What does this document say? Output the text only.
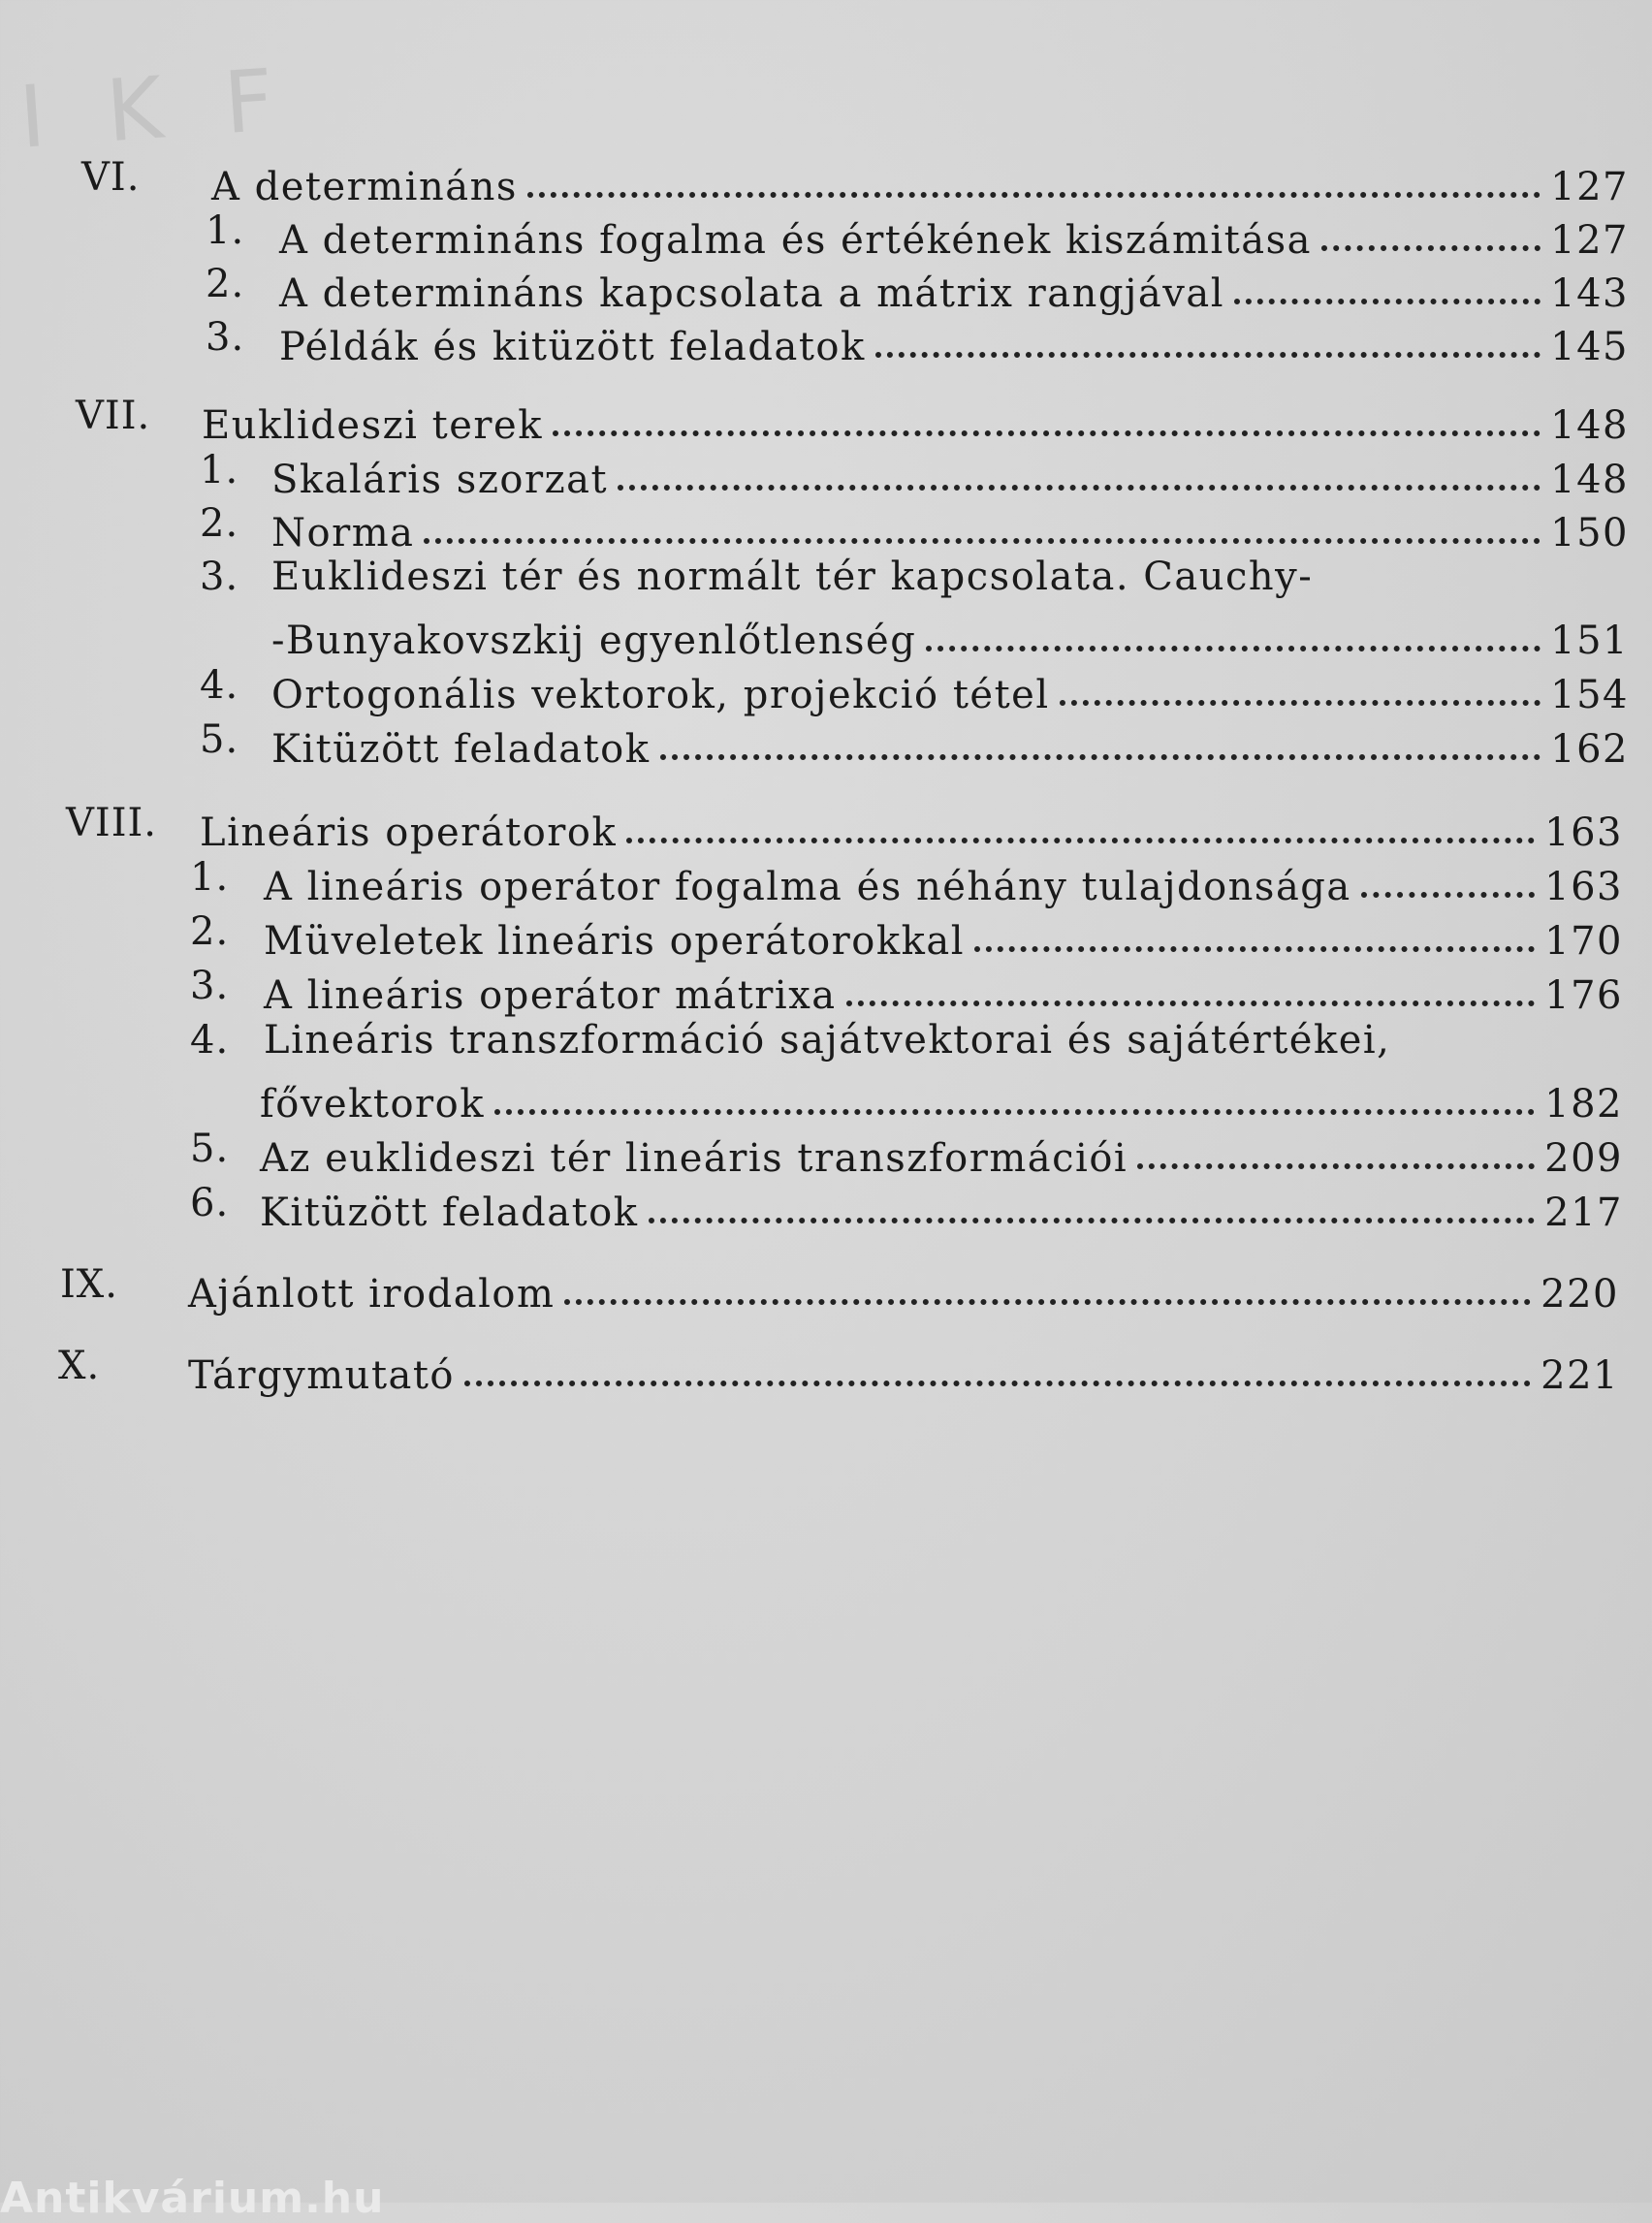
I K F
VI. A determináns	127
1. A determináns fogalma és értékének kiszámitása	127
2. A determináns kapcsolata a mátrix rangjával	143
3. Példák és kitüzött feladatok	145
VII. Euklideszi terek	148
1. Skaláris szorzat	148
2. Norma	150
3. Euklideszi tér és normált tér kapcsolata. Cauchy-
-Bunyakovszkij egyenlőtlenség	151
4. Ortogonális vektorok, projekció tétel	154
5. Kitüzött feladatok	162
VIII. Lineáris operátorok	163
1. A lineáris operátor fogalma és néhány tulajdonsága	163
2. Müveletek lineáris operátorokkal	170
3. A lineáris operátor mátrixa	176
4. Lineáris transzformáció sajátvektorai és sajátértékei,
fővektorok	182
5. Az euklideszi tér lineáris transzformációi	209
6. Kitüzött feladatok	217
IX. Ajánlott irodalom	220
X. Tárgymutató	221
Antikvárium.hu
